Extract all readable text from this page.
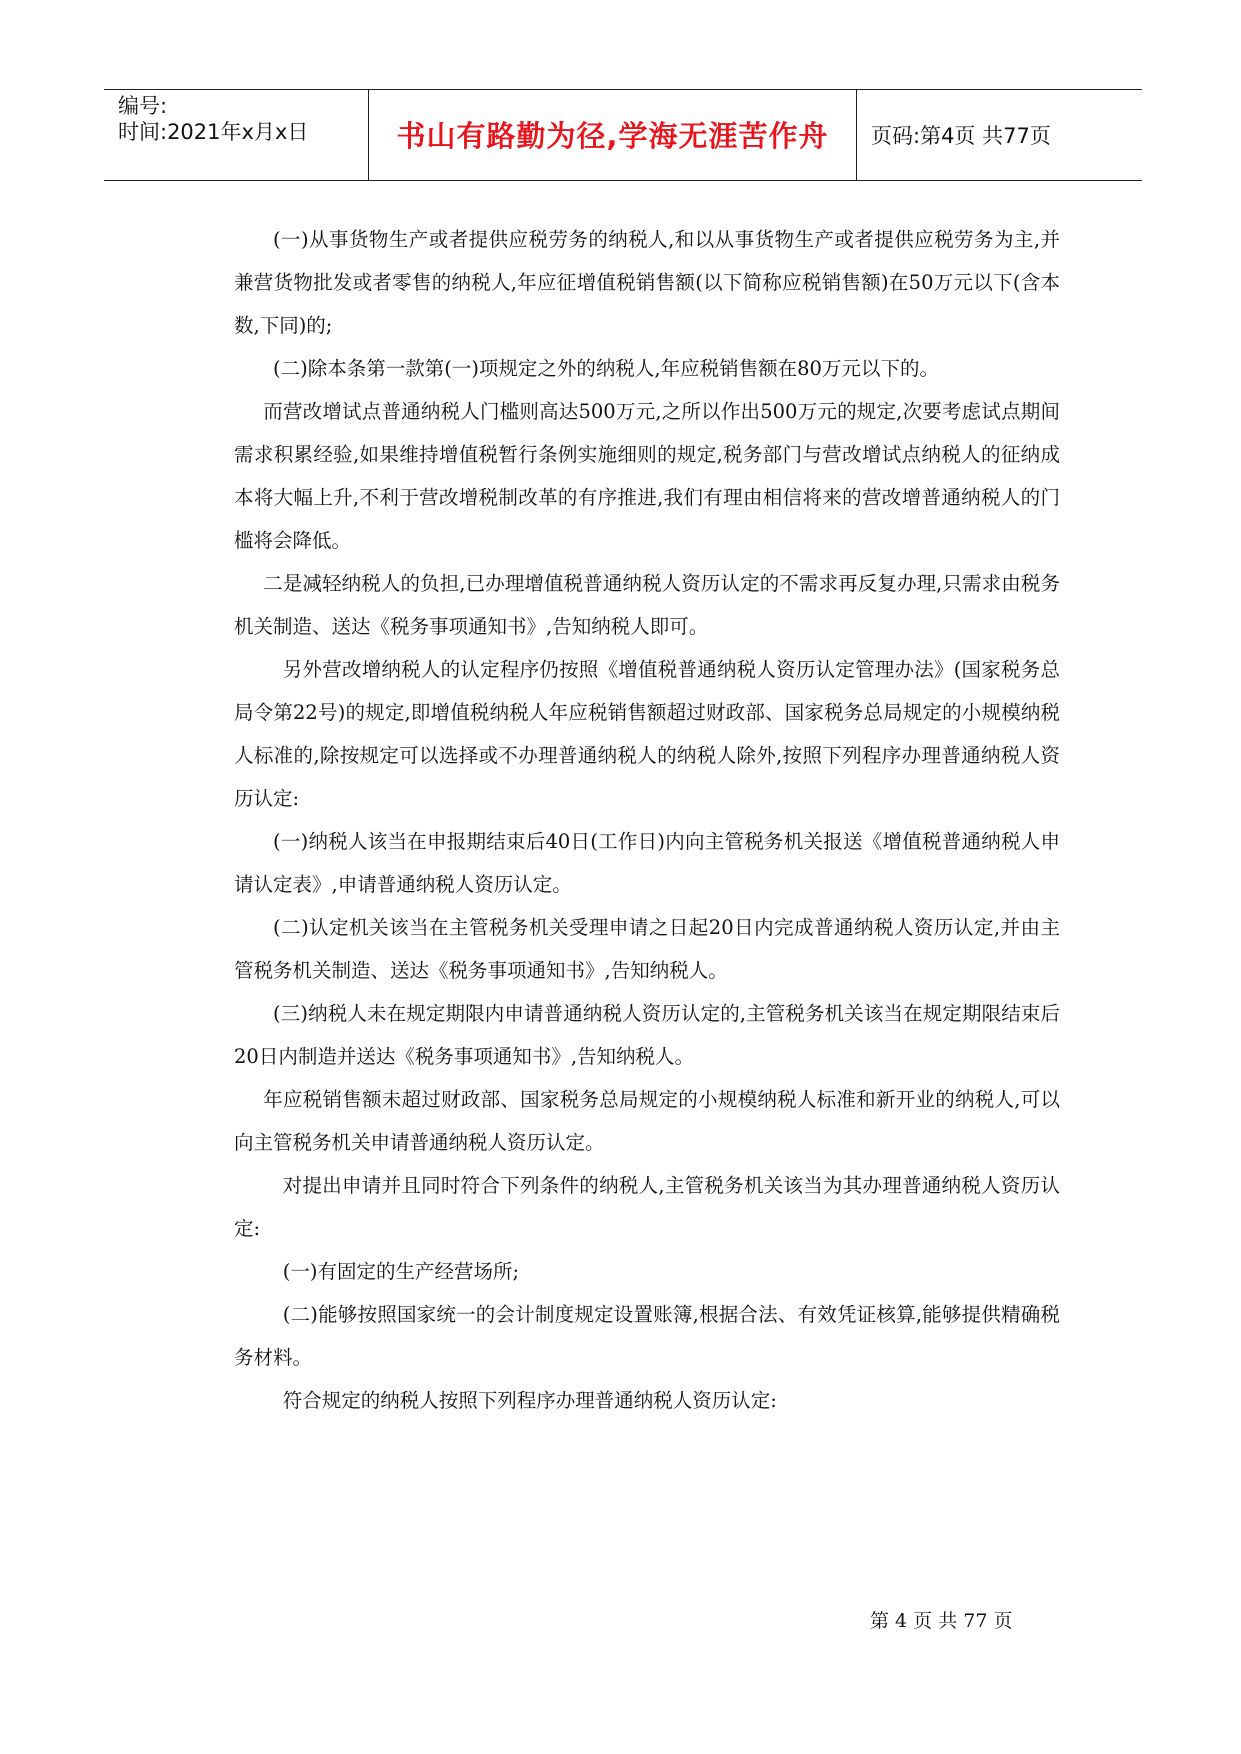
编号:
时间:2021年x月x日	书山有路勤为径,学海无涯苦作舟	页码:第4页 共77页

(一)从事货物生产或者提供应税劳务的纳税人,和以从事货物生产或者提供应税劳务为主,并兼营货物批发或者零售的纳税人,年应征增值税销售额(以下简称应税销售额)在50万元以下(含本数,下同)的;

(二)除本条第一款第(一)项规定之外的纳税人,年应税销售额在80万元以下的。

而营改增试点普通纳税人门槛则高达500万元,之所以作出500万元的规定,次要考虑试点期间需求积累经验,如果维持增值税暂行条例实施细则的规定,税务部门与营改增试点纳税人的征纳成本将大幅上升,不利于营改增税制改革的有序推进,我们有理由相信将来的营改增普通纳税人的门槛将会降低。

二是减轻纳税人的负担,已办理增值税普通纳税人资历认定的不需求再反复办理,只需求由税务机关制造、送达《税务事项通知书》,告知纳税人即可。

另外营改增纳税人的认定程序仍按照《增值税普通纳税人资历认定管理办法》(国家税务总局令第22号)的规定,即增值税纳税人年应税销售额超过财政部、国家税务总局规定的小规模纳税人标准的,除按规定可以选择或不办理普通纳税人的纳税人除外,按照下列程序办理普通纳税人资历认定:

(一)纳税人该当在申报期结束后40日(工作日)内向主管税务机关报送《增值税普通纳税人申请认定表》,申请普通纳税人资历认定。

(二)认定机关该当在主管税务机关受理申请之日起20日内完成普通纳税人资历认定,并由主管税务机关制造、送达《税务事项通知书》,告知纳税人。

(三)纳税人未在规定期限内申请普通纳税人资历认定的,主管税务机关该当在规定期限结束后20日内制造并送达《税务事项通知书》,告知纳税人。

年应税销售额未超过财政部、国家税务总局规定的小规模纳税人标准和新开业的纳税人,可以向主管税务机关申请普通纳税人资历认定。

对提出申请并且同时符合下列条件的纳税人,主管税务机关该当为其办理普通纳税人资历认定:

(一)有固定的生产经营场所;

(二)能够按照国家统一的会计制度规定设置账簿,根据合法、有效凭证核算,能够提供精确税务材料。

符合规定的纳税人按照下列程序办理普通纳税人资历认定:

第 4 页 共 77 页
